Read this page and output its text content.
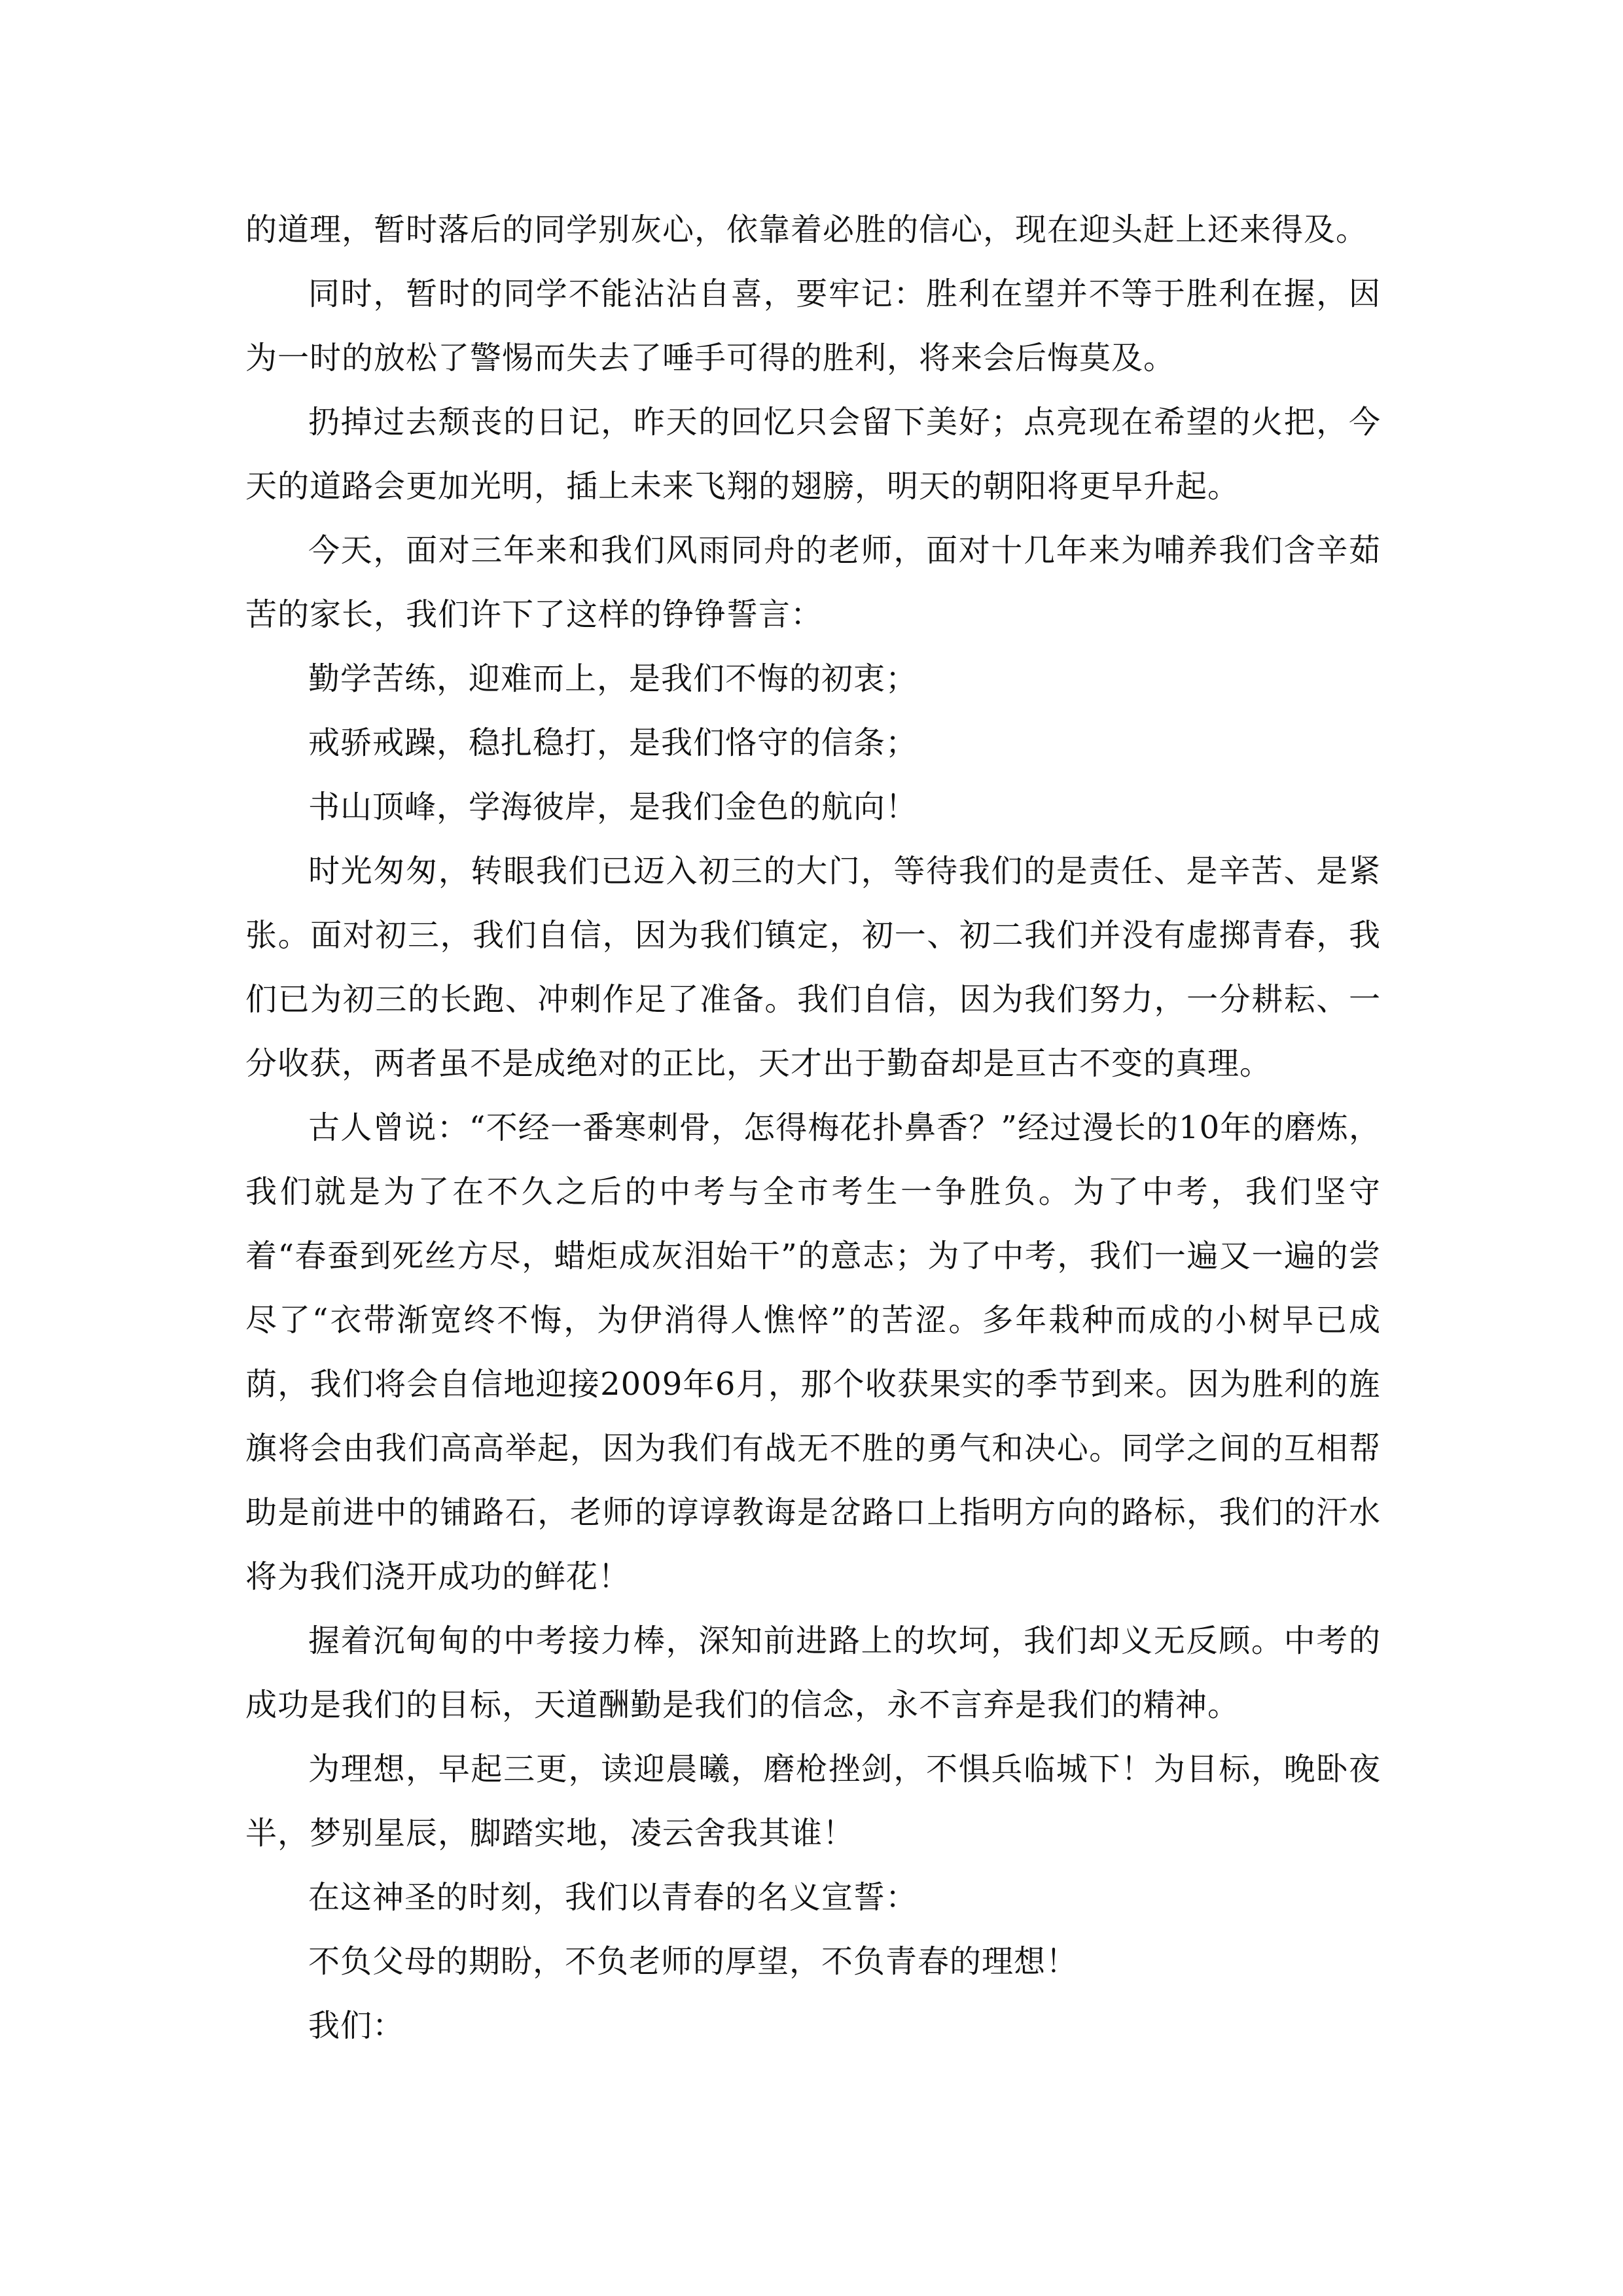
的道理，暂时落后的同学别灰心，依靠着必胜的信心，现在迎头赶上还来得及。

同时，暂时的同学不能沾沾自喜，要牢记：胜利在望并不等于胜利在握，因为一时的放松了警惕而失去了唾手可得的胜利，将来会后悔莫及。

扔掉过去颓丧的日记，昨天的回忆只会留下美好；点亮现在希望的火把，今天的道路会更加光明，插上未来飞翔的翅膀，明天的朝阳将更早升起。

今天，面对三年来和我们风雨同舟的老师，面对十几年来为哺养我们含辛茹苦的家长，我们许下了这样的铮铮誓言：

勤学苦练，迎难而上，是我们不悔的初衷；

戒骄戒躁，稳扎稳打，是我们恪守的信条；

书山顶峰，学海彼岸，是我们金色的航向！

时光匆匆，转眼我们已迈入初三的大门，等待我们的是责任、是辛苦、是紧张。面对初三，我们自信，因为我们镇定，初一、初二我们并没有虚掷青春，我们已为初三的长跑、冲刺作足了准备。我们自信，因为我们努力，一分耕耘、一分收获，两者虽不是成绝对的正比，天才出于勤奋却是亘古不变的真理。

古人曾说：“不经一番寒刺骨，怎得梅花扑鼻香？”经过漫长的10年的磨炼，我们就是为了在不久之后的中考与全市考生一争胜负。为了中考，我们坚守着“春蚕到死丝方尽，蜡炬成灰泪始干”的意志；为了中考，我们一遍又一遍的尝尽了“衣带渐宽终不悔，为伊消得人憔悴”的苦涩。多年栽种而成的小树早已成荫，我们将会自信地迎接2009年6月，那个收获果实的季节到来。因为胜利的旌旗将会由我们高高举起，因为我们有战无不胜的勇气和决心。同学之间的互相帮助是前进中的铺路石，老师的谆谆教诲是岔路口上指明方向的路标，我们的汗水将为我们浇开成功的鲜花！

握着沉甸甸的中考接力棒，深知前进路上的坎坷，我们却义无反顾。中考的成功是我们的目标，天道酬勤是我们的信念，永不言弃是我们的精神。

为理想，早起三更，读迎晨曦，磨枪挫剑，不惧兵临城下！为目标，晚卧夜半，梦别星辰，脚踏实地，凌云舍我其谁！

在这神圣的时刻，我们以青春的名义宣誓：

不负父母的期盼，不负老师的厚望，不负青春的理想！

我们：
